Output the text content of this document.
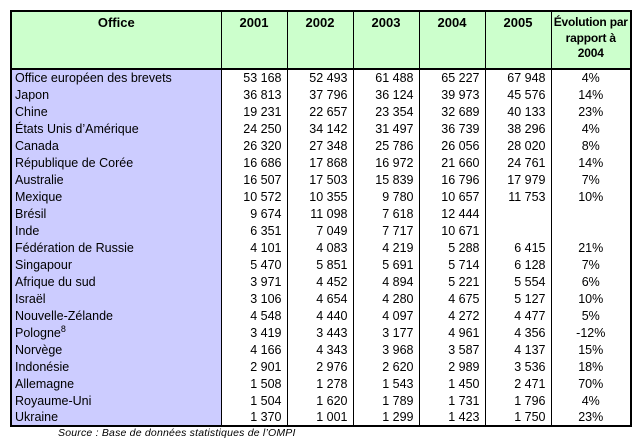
Office	2001	2002	2003	2004	2005	Évolution par rapport à 2004
Office européen des brevets	53 168	52 493	61 488	65 227	67 948	4%
Japon	36 813	37 796	36 124	39 973	45 576	14%
Chine	19 231	22 657	23 354	32 689	40 133	23%
États Unis d’Amérique	24 250	34 142	31 497	36 739	38 296	4%
Canada	26 320	27 348	25 786	26 056	28 020	8%
République de Corée	16 686	17 868	16 972	21 660	24 761	14%
Australie	16 507	17 503	15 839	16 796	17 979	7%
Mexique	10 572	10 355	9 780	10 657	11 753	10%
Brésil	9 674	11 098	7 618	12 444		
Inde	6 351	7 049	7 717	10 671		
Fédération de Russie	4 101	4 083	4 219	5 288	6 415	21%
Singapour	5 470	5 851	5 691	5 714	6 128	7%
Afrique du sud	3 971	4 452	4 894	5 221	5 554	6%
Israël	3 106	4 654	4 280	4 675	5 127	10%
Nouvelle-Zélande	4 548	4 440	4 097	4 272	4 477	5%
Pologne$^8$	3 419	3 443	3 177	4 961	4 356	-12%
Norvège	4 166	4 343	3 968	3 587	4 137	15%
Indonésie	2 901	2 976	2 620	2 989	3 536	18%
Allemagne	1 508	1 278	1 543	1 450	2 471	70%
Royaume-Uni	1 504	1 620	1 789	1 731	1 796	4%
Ukraine	1 370	1 001	1 299	1 423	1 750	23%
Source : Base de données statistiques de l’OMPI
